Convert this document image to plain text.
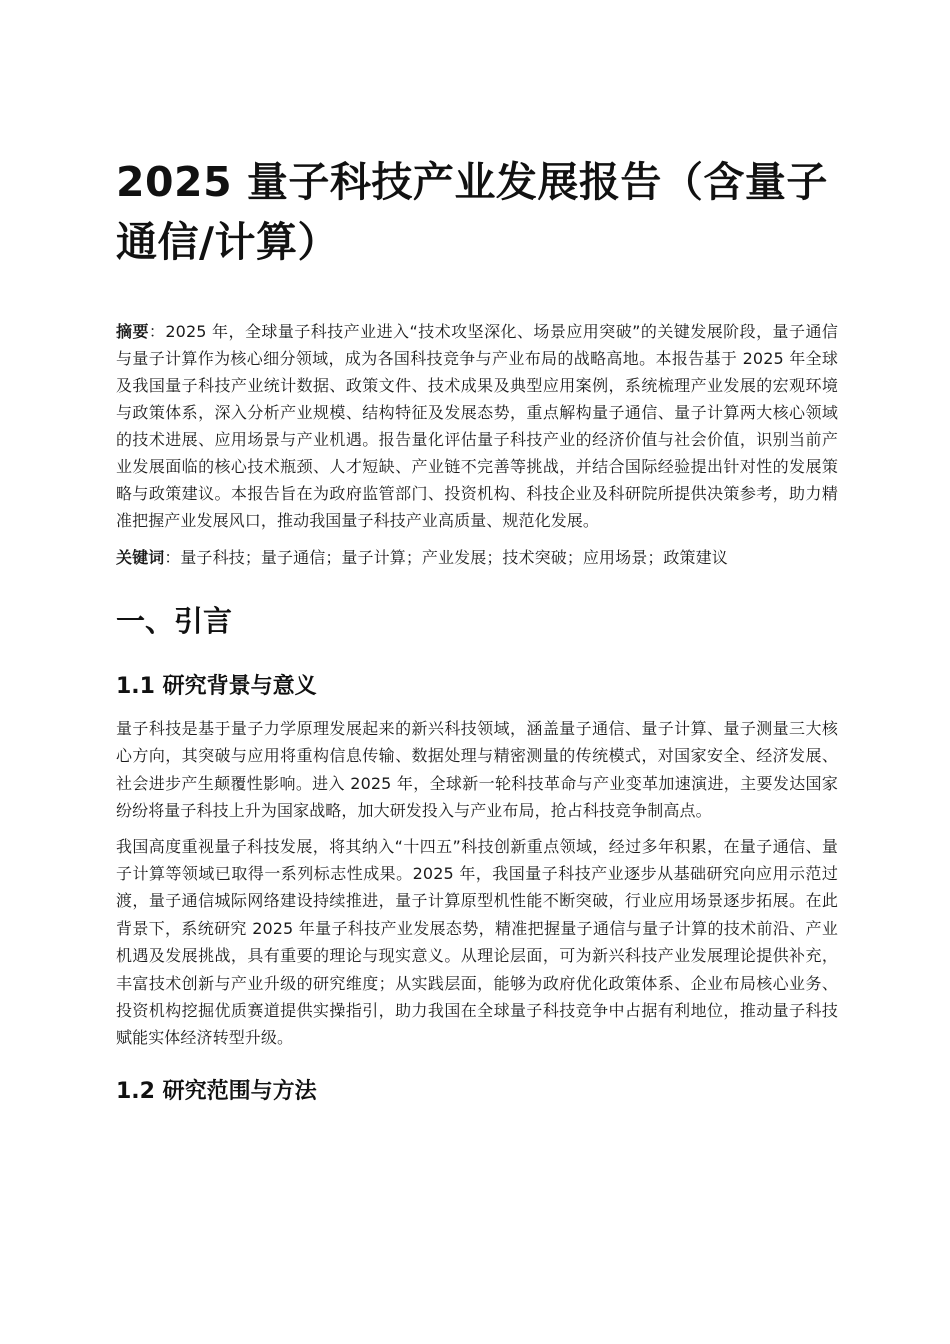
2025 量子科技产业发展报告（含量子通信/计算）

摘要：2025 年，全球量子科技产业进入“技术攻坚深化、场景应用突破”的关键发展阶段，量子通信与量子计算作为核心细分领域，成为各国科技竞争与产业布局的战略高地。本报告基于 2025 年全球及我国量子科技产业统计数据、政策文件、技术成果及典型应用案例，系统梳理产业发展的宏观环境与政策体系，深入分析产业规模、结构特征及发展态势，重点解构量子通信、量子计算两大核心领域的技术进展、应用场景与产业机遇。报告量化评估量子科技产业的经济价值与社会价值，识别当前产业发展面临的核心技术瓶颈、人才短缺、产业链不完善等挑战，并结合国际经验提出针对性的发展策略与政策建议。本报告旨在为政府监管部门、投资机构、科技企业及科研院所提供决策参考，助力精准把握产业发展风口，推动我国量子科技产业高质量、规范化发展。

关键词：量子科技；量子通信；量子计算；产业发展；技术突破；应用场景；政策建议

一、引言
1.1 研究背景与意义

量子科技是基于量子力学原理发展起来的新兴科技领域，涵盖量子通信、量子计算、量子测量三大核心方向，其突破与应用将重构信息传输、数据处理与精密测量的传统模式，对国家安全、经济发展、社会进步产生颠覆性影响。进入 2025 年，全球新一轮科技革命与产业变革加速演进，主要发达国家纷纷将量子科技上升为国家战略，加大研发投入与产业布局，抢占科技竞争制高点。

我国高度重视量子科技发展，将其纳入“十四五”科技创新重点领域，经过多年积累，在量子通信、量子计算等领域已取得一系列标志性成果。2025 年，我国量子科技产业逐步从基础研究向应用示范过渡，量子通信城际网络建设持续推进，量子计算原型机性能不断突破，行业应用场景逐步拓展。在此背景下，系统研究 2025 年量子科技产业发展态势，精准把握量子通信与量子计算的技术前沿、产业机遇及发展挑战，具有重要的理论与现实意义。从理论层面，可为新兴科技产业发展理论提供补充，丰富技术创新与产业升级的研究维度；从实践层面，能够为政府优化政策体系、企业布局核心业务、投资机构挖掘优质赛道提供实操指引，助力我国在全球量子科技竞争中占据有利地位，推动量子科技赋能实体经济转型升级。

1.2 研究范围与方法
